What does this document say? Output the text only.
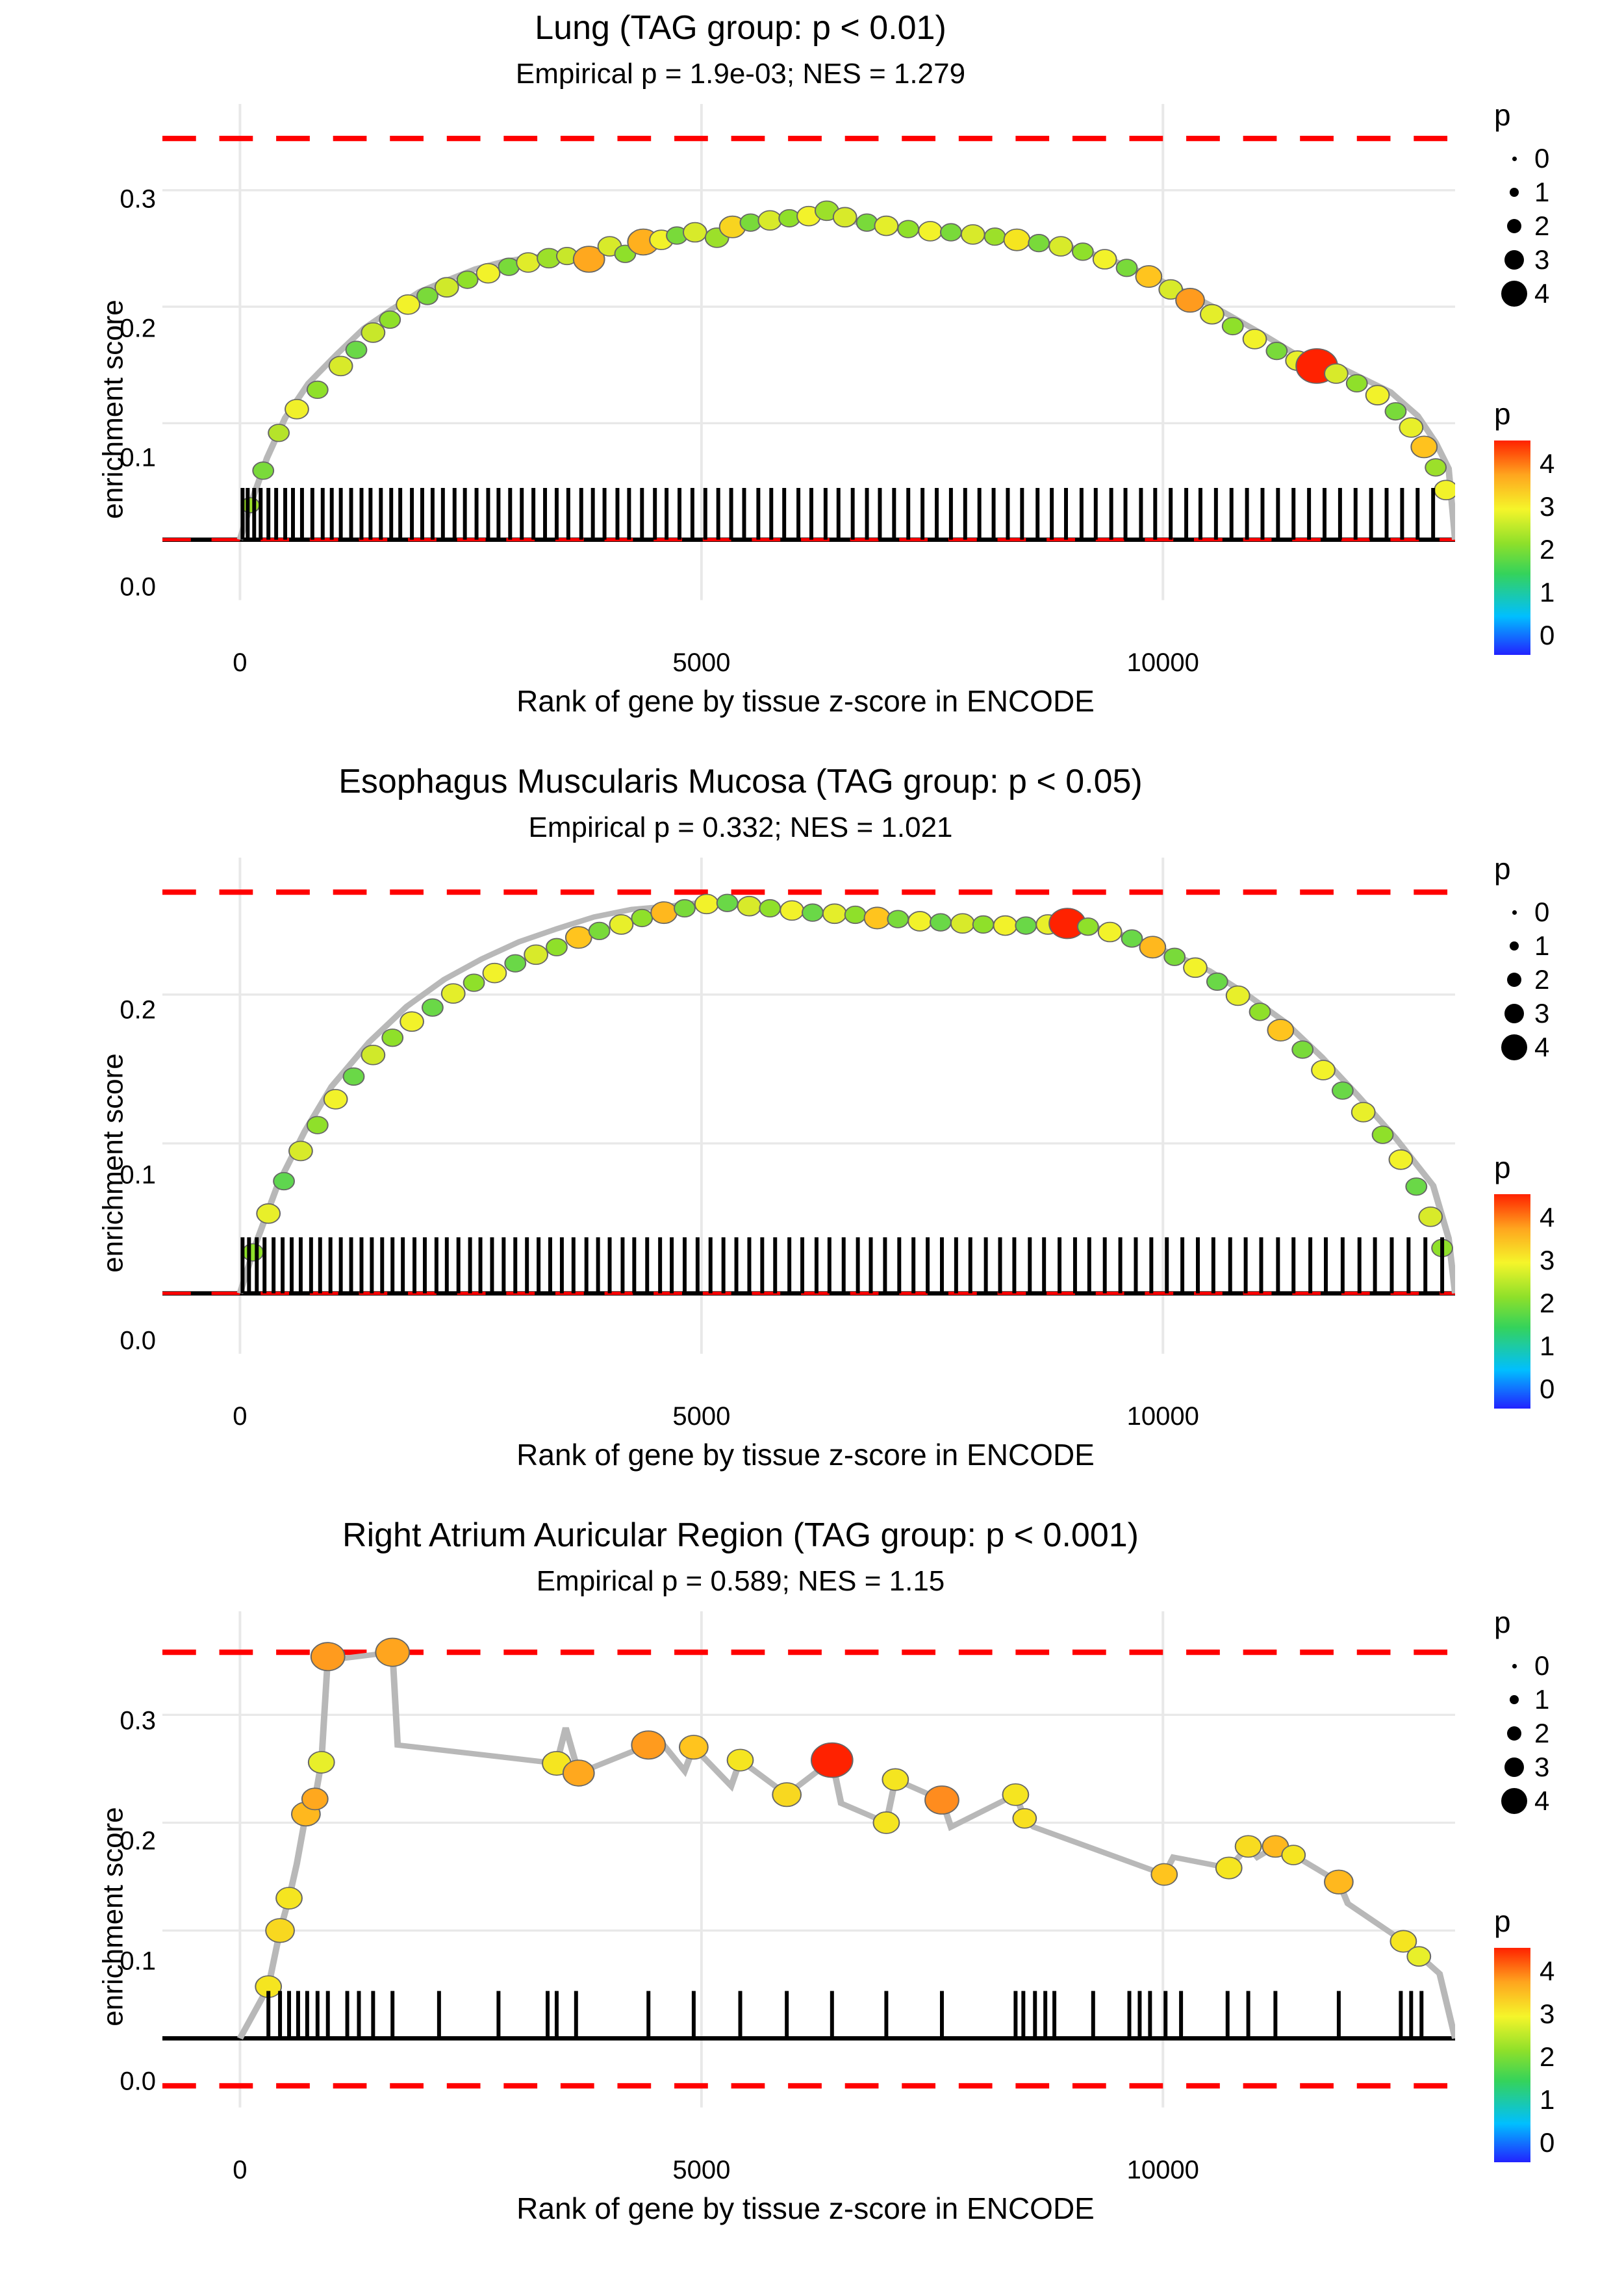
Lung (TAG group: p < 0.01)
Empirical p = 1.9e-03; NES = 1.279
enrichment score
0.0
0.1
0.2
0.3
0	5000	10000
Rank of gene by tissue z-score in ENCODE
p
0
1
2
3
4
p
4
3
2
1
0
Esophagus Muscularis Mucosa (TAG group: p < 0.05)
Empirical p = 0.332; NES = 1.021
enrichment score
0.0
0.1
0.2
0	5000	10000
Rank of gene by tissue z-score in ENCODE
p
0
1
2
3
4
p
4
3
2
1
0
Right Atrium Auricular Region (TAG group: p < 0.001)
Empirical p = 0.589; NES = 1.15
enrichment score
0.0
0.1
0.2
0.3
0	5000	10000
Rank of gene by tissue z-score in ENCODE
p
0
1
2
3
4
p
4
3
2
1
0
